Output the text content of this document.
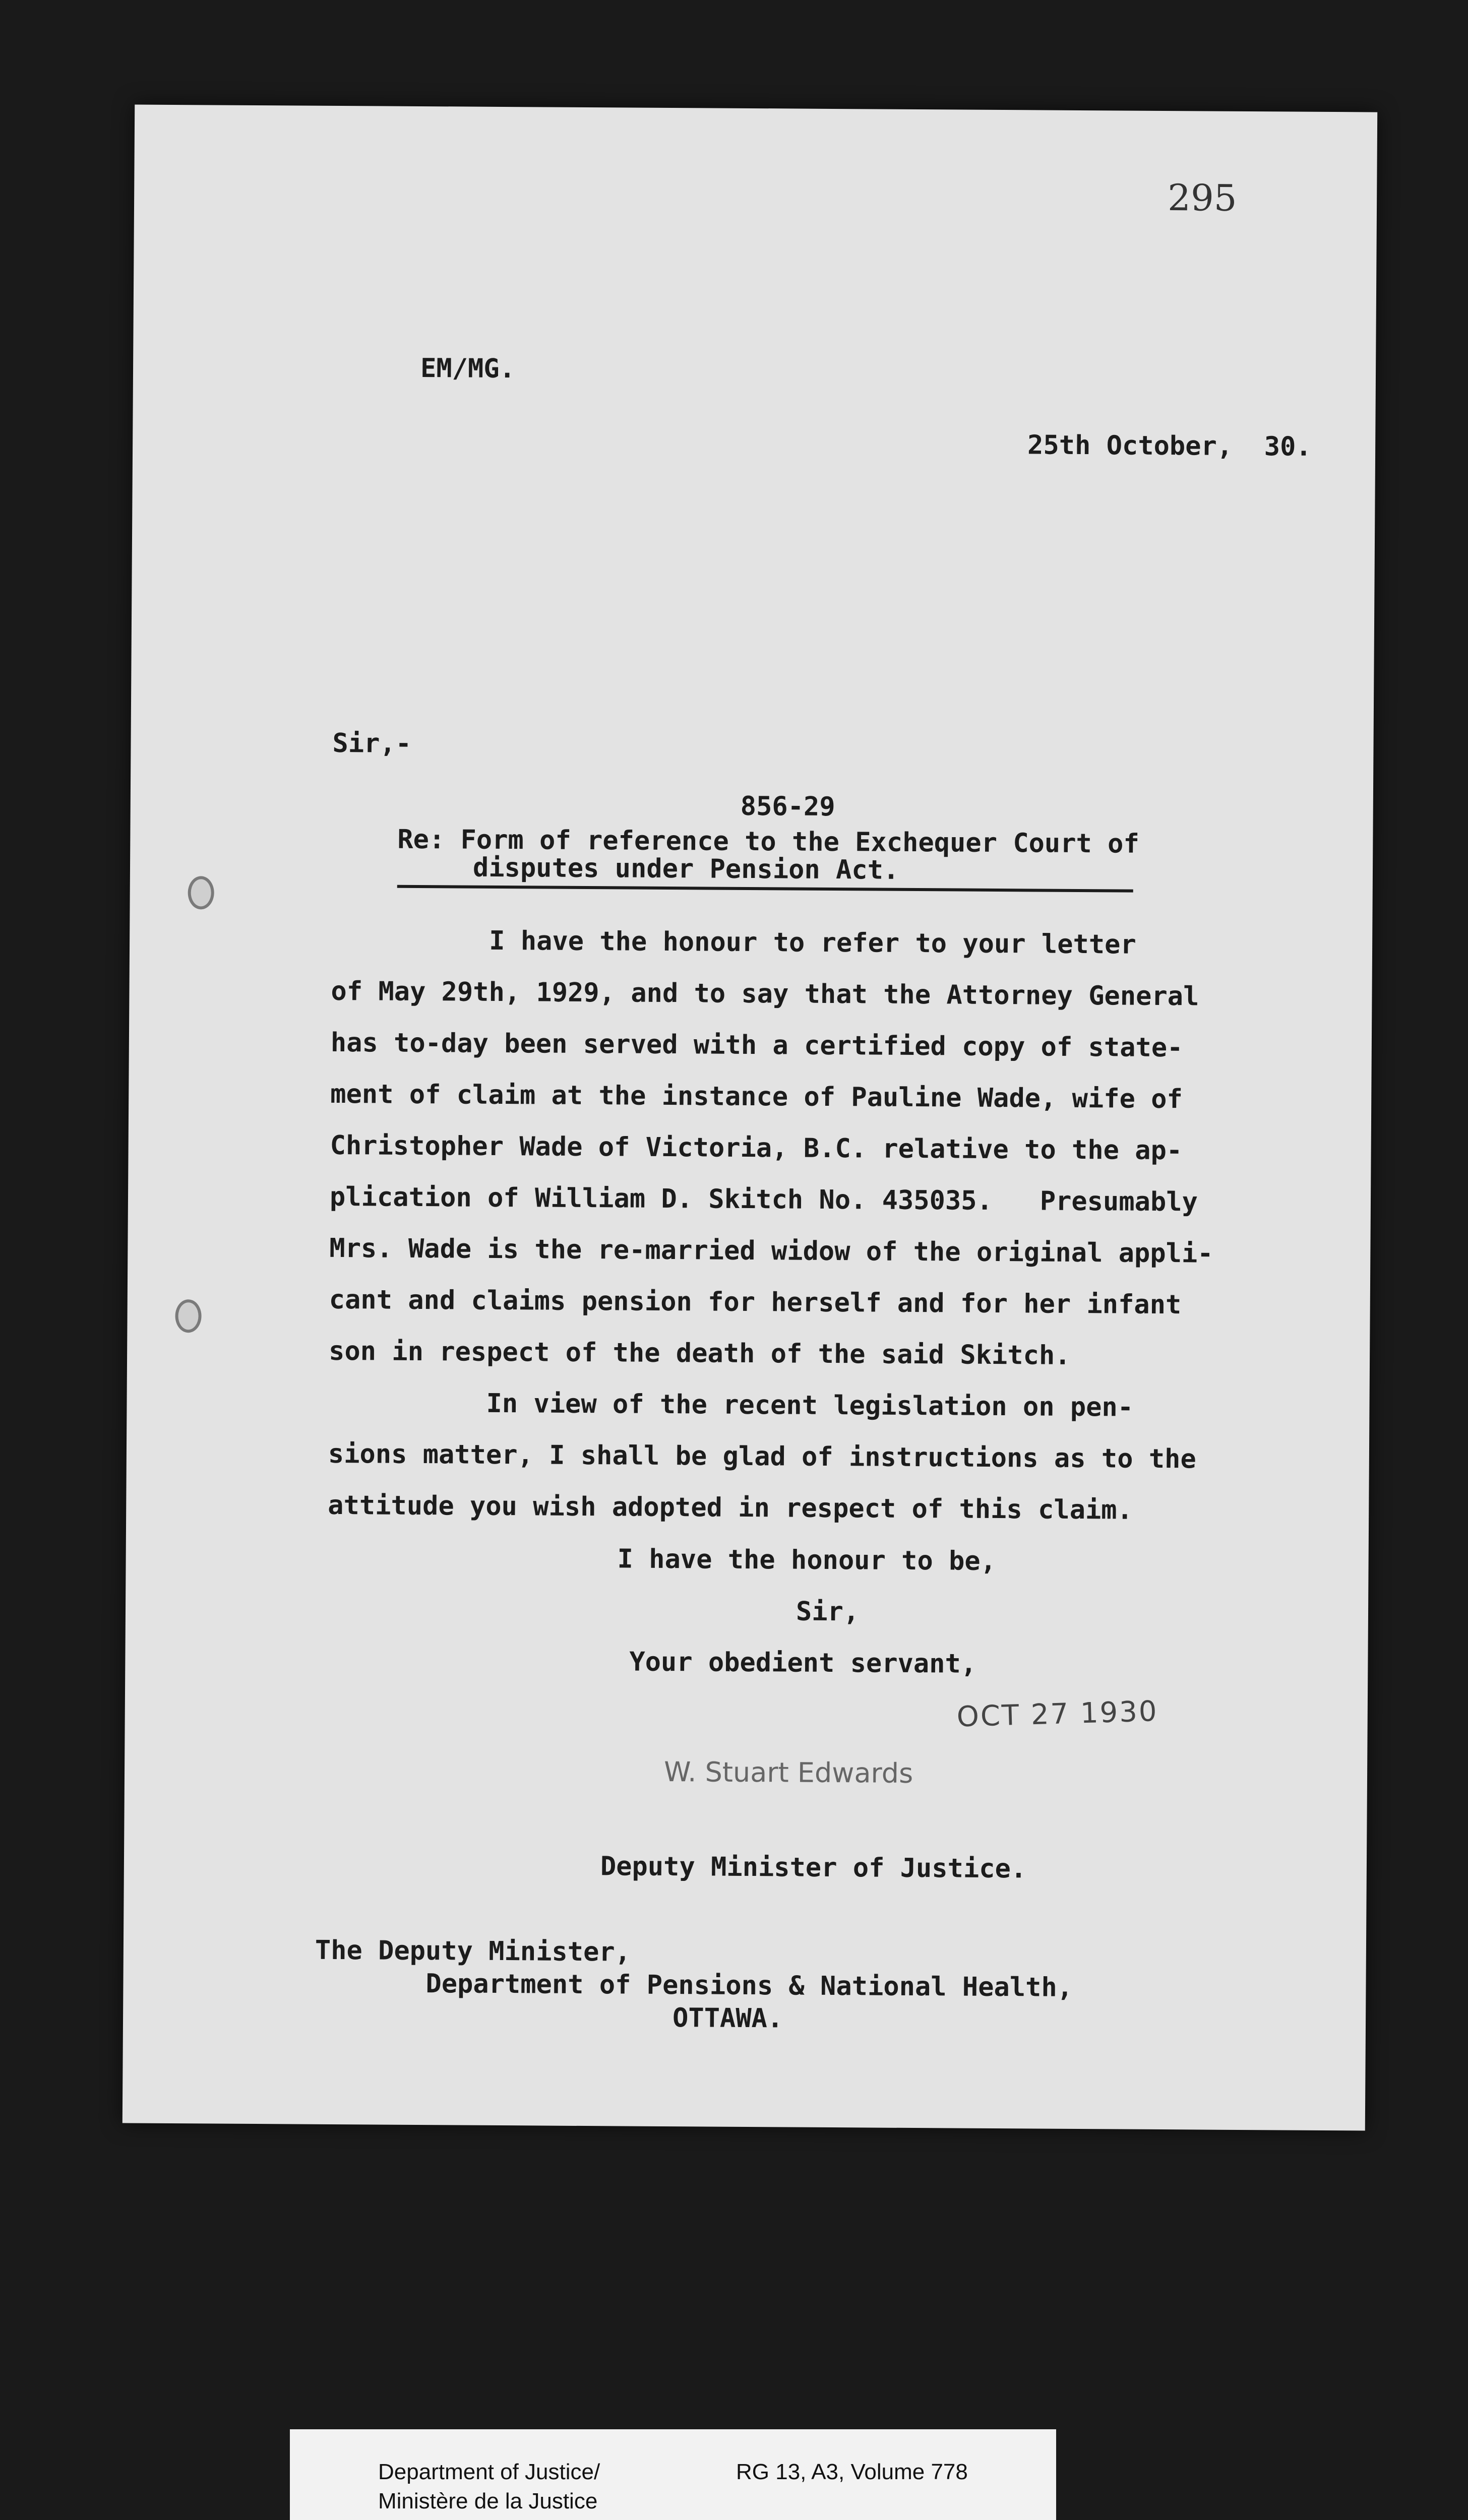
295
EM/MG.
25th October,  30.
Sir,-
856-29
Re: Form of reference to the Exchequer Court of
disputes under Pension Act.
I have the honour to refer to your letter
of May 29th, 1929, and to say that the Attorney General
has to-day been served with a certified copy of state-
ment of claim at the instance of Pauline Wade, wife of
Christopher Wade of Victoria, B.C. relative to the ap-
plication of William D. Skitch No. 435035.   Presumably
Mrs. Wade is the re-married widow of the original appli-
cant and claims pension for herself and for her infant
son in respect of the death of the said Skitch.
In view of the recent legislation on pen-
sions matter, I shall be glad of instructions as to the
attitude you wish adopted in respect of this claim.
I have the honour to be,
Sir,
Your obedient servant,
OCT 27 1930
W. Stuart Edwards
Deputy Minister of Justice.
The Deputy Minister,
Department of Pensions & National Health,
OTTAWA.
Department of Justice/
Ministère de la Justice
RG 13, A3, Volume 778
